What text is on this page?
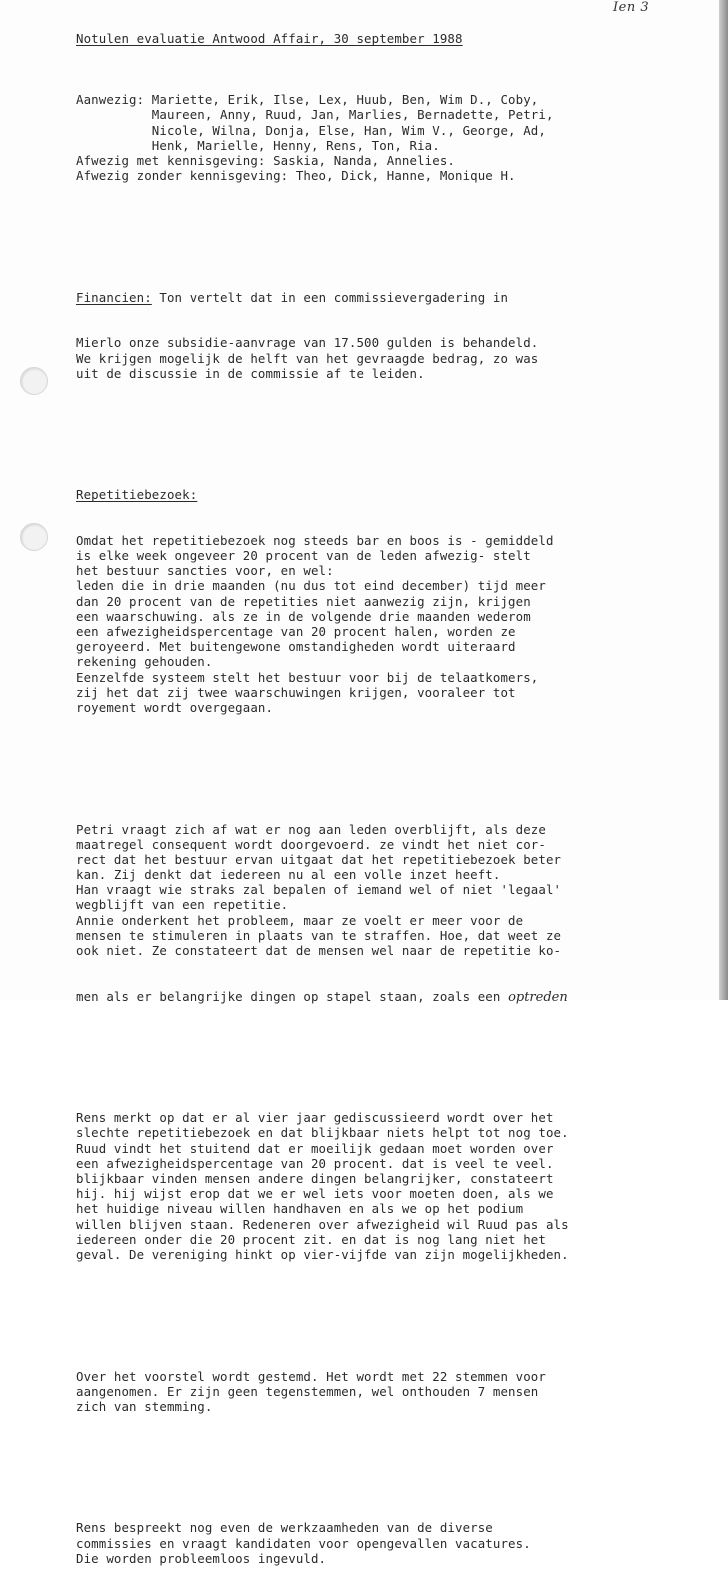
Ien 3

Notulen evaluatie Antwood Affair, 30 september 1988

Aanwezig: Mariette, Erik, Ilse, Lex, Huub, Ben, Wim D., Coby,
Maureen, Anny, Ruud, Jan, Marlies, Bernadette, Petri,
Nicole, Wilna, Donja, Else, Han, Wim V., George, Ad,
Henk, Marielle, Henny, Rens, Ton, Ria.
Afwezig met kennisgeving: Saskia, Nanda, Annelies.
Afwezig zonder kennisgeving: Theo, Dick, Hanne, Monique H.

Financien: Ton vertelt dat in een commissievergadering in

Mierlo onze subsidie-aanvrage van 17.500 gulden is behandeld.
We krijgen mogelijk de helft van het gevraagde bedrag, zo was
uit de discussie in de commissie af te leiden.

Repetitiebezoek:

Omdat het repetitiebezoek nog steeds bar en boos is - gemiddeld
is elke week ongeveer 20 procent van de leden afwezig- stelt
het bestuur sancties voor, en wel:
leden die in drie maanden (nu dus tot eind december) tijd meer
dan 20 procent van de repetities niet aanwezig zijn, krijgen
een waarschuwing. als ze in de volgende drie maanden wederom
een afwezigheidspercentage van 20 procent halen, worden ze
geroyeerd. Met buitengewone omstandigheden wordt uiteraard
rekening gehouden.
Eenzelfde systeem stelt het bestuur voor bij de telaatkomers,
zij het dat zij twee waarschuwingen krijgen, vooraleer tot
royement wordt overgegaan.

Petri vraagt zich af wat er nog aan leden overblijft, als deze
maatregel consequent wordt doorgevoerd. ze vindt het niet cor-
rect dat het bestuur ervan uitgaat dat het repetitiebezoek beter
kan. Zij denkt dat iedereen nu al een volle inzet heeft.
Han vraagt wie straks zal bepalen of iemand wel of niet 'legaal'
wegblijft van een repetitie.
Annie onderkent het probleem, maar ze voelt er meer voor de
mensen te stimuleren in plaats van te straffen. Hoe, dat weet ze
ook niet. Ze constateert dat de mensen wel naar de repetitie ko-

men als er belangrijke dingen op stapel staan, zoals een optreden

Rens merkt op dat er al vier jaar gediscussieerd wordt over het
slechte repetitiebezoek en dat blijkbaar niets helpt tot nog toe.
Ruud vindt het stuitend dat er moeilijk gedaan moet worden over
een afwezigheidspercentage van 20 procent. dat is veel te veel.
blijkbaar vinden mensen andere dingen belangrijker, constateert
hij. hij wijst erop dat we er wel iets voor moeten doen, als we
het huidige niveau willen handhaven en als we op het podium
willen blijven staan. Redeneren over afwezigheid wil Ruud pas als
iedereen onder die 20 procent zit. en dat is nog lang niet het
geval. De vereniging hinkt op vier-vijfde van zijn mogelijkheden.

Over het voorstel wordt gestemd. Het wordt met 22 stemmen voor
aangenomen. Er zijn geen tegenstemmen, wel onthouden 7 mensen
zich van stemming.

Rens bespreekt nog even de werkzaamheden van de diverse
commissies en vraagt kandidaten voor opengevallen vacatures.
Die worden probleemloos ingevuld.
